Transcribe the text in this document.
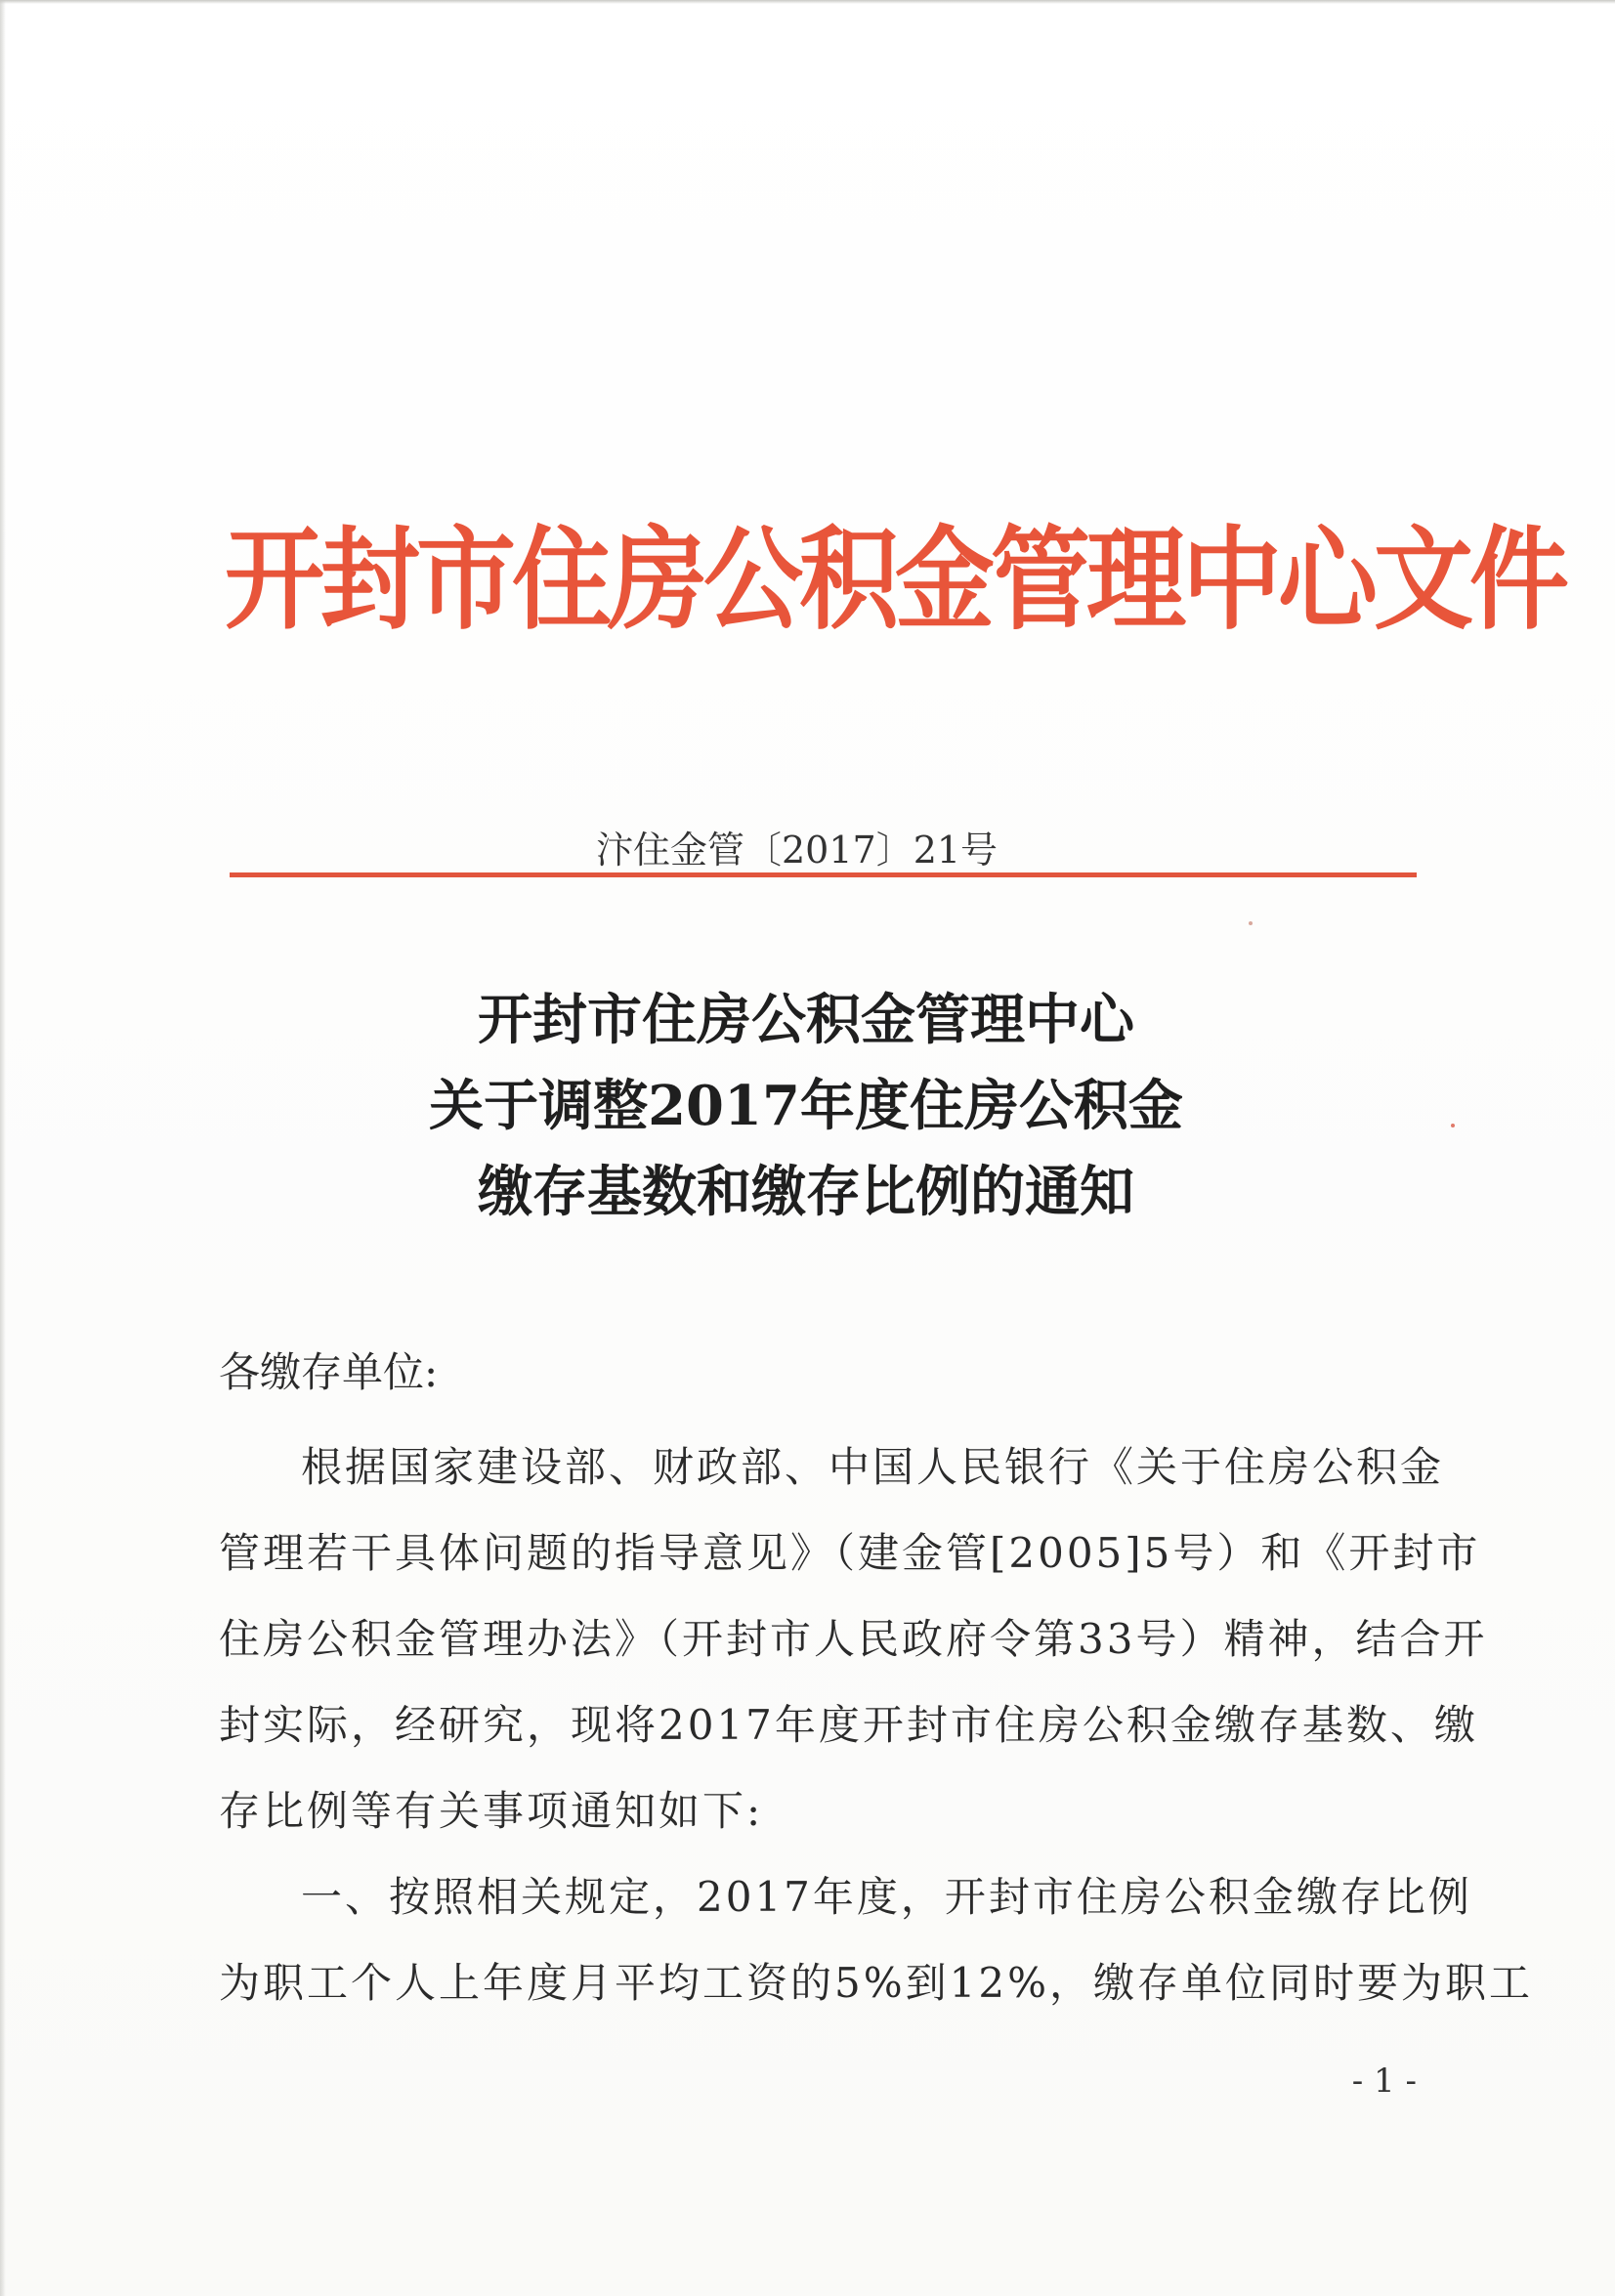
开封市住房公积金管理中心文件
汴住金管〔2017〕21号
开封市住房公积金管理中心
关于调整2017年度住房公积金
缴存基数和缴存比例的通知
各缴存单位:
根据国家建设部、财政部、中国人民银行《关于住房公积金
管理若干具体问题的指导意见》（建金管[2005]5号）和《开封市
住房公积金管理办法》（开封市人民政府令第33号）精神，结合开
封实际，经研究，现将2017年度开封市住房公积金缴存基数、缴
存比例等有关事项通知如下:
一、按照相关规定，2017年度，开封市住房公积金缴存比例
为职工个人上年度月平均工资的5%到12%，缴存单位同时要为职工
- 1 -
